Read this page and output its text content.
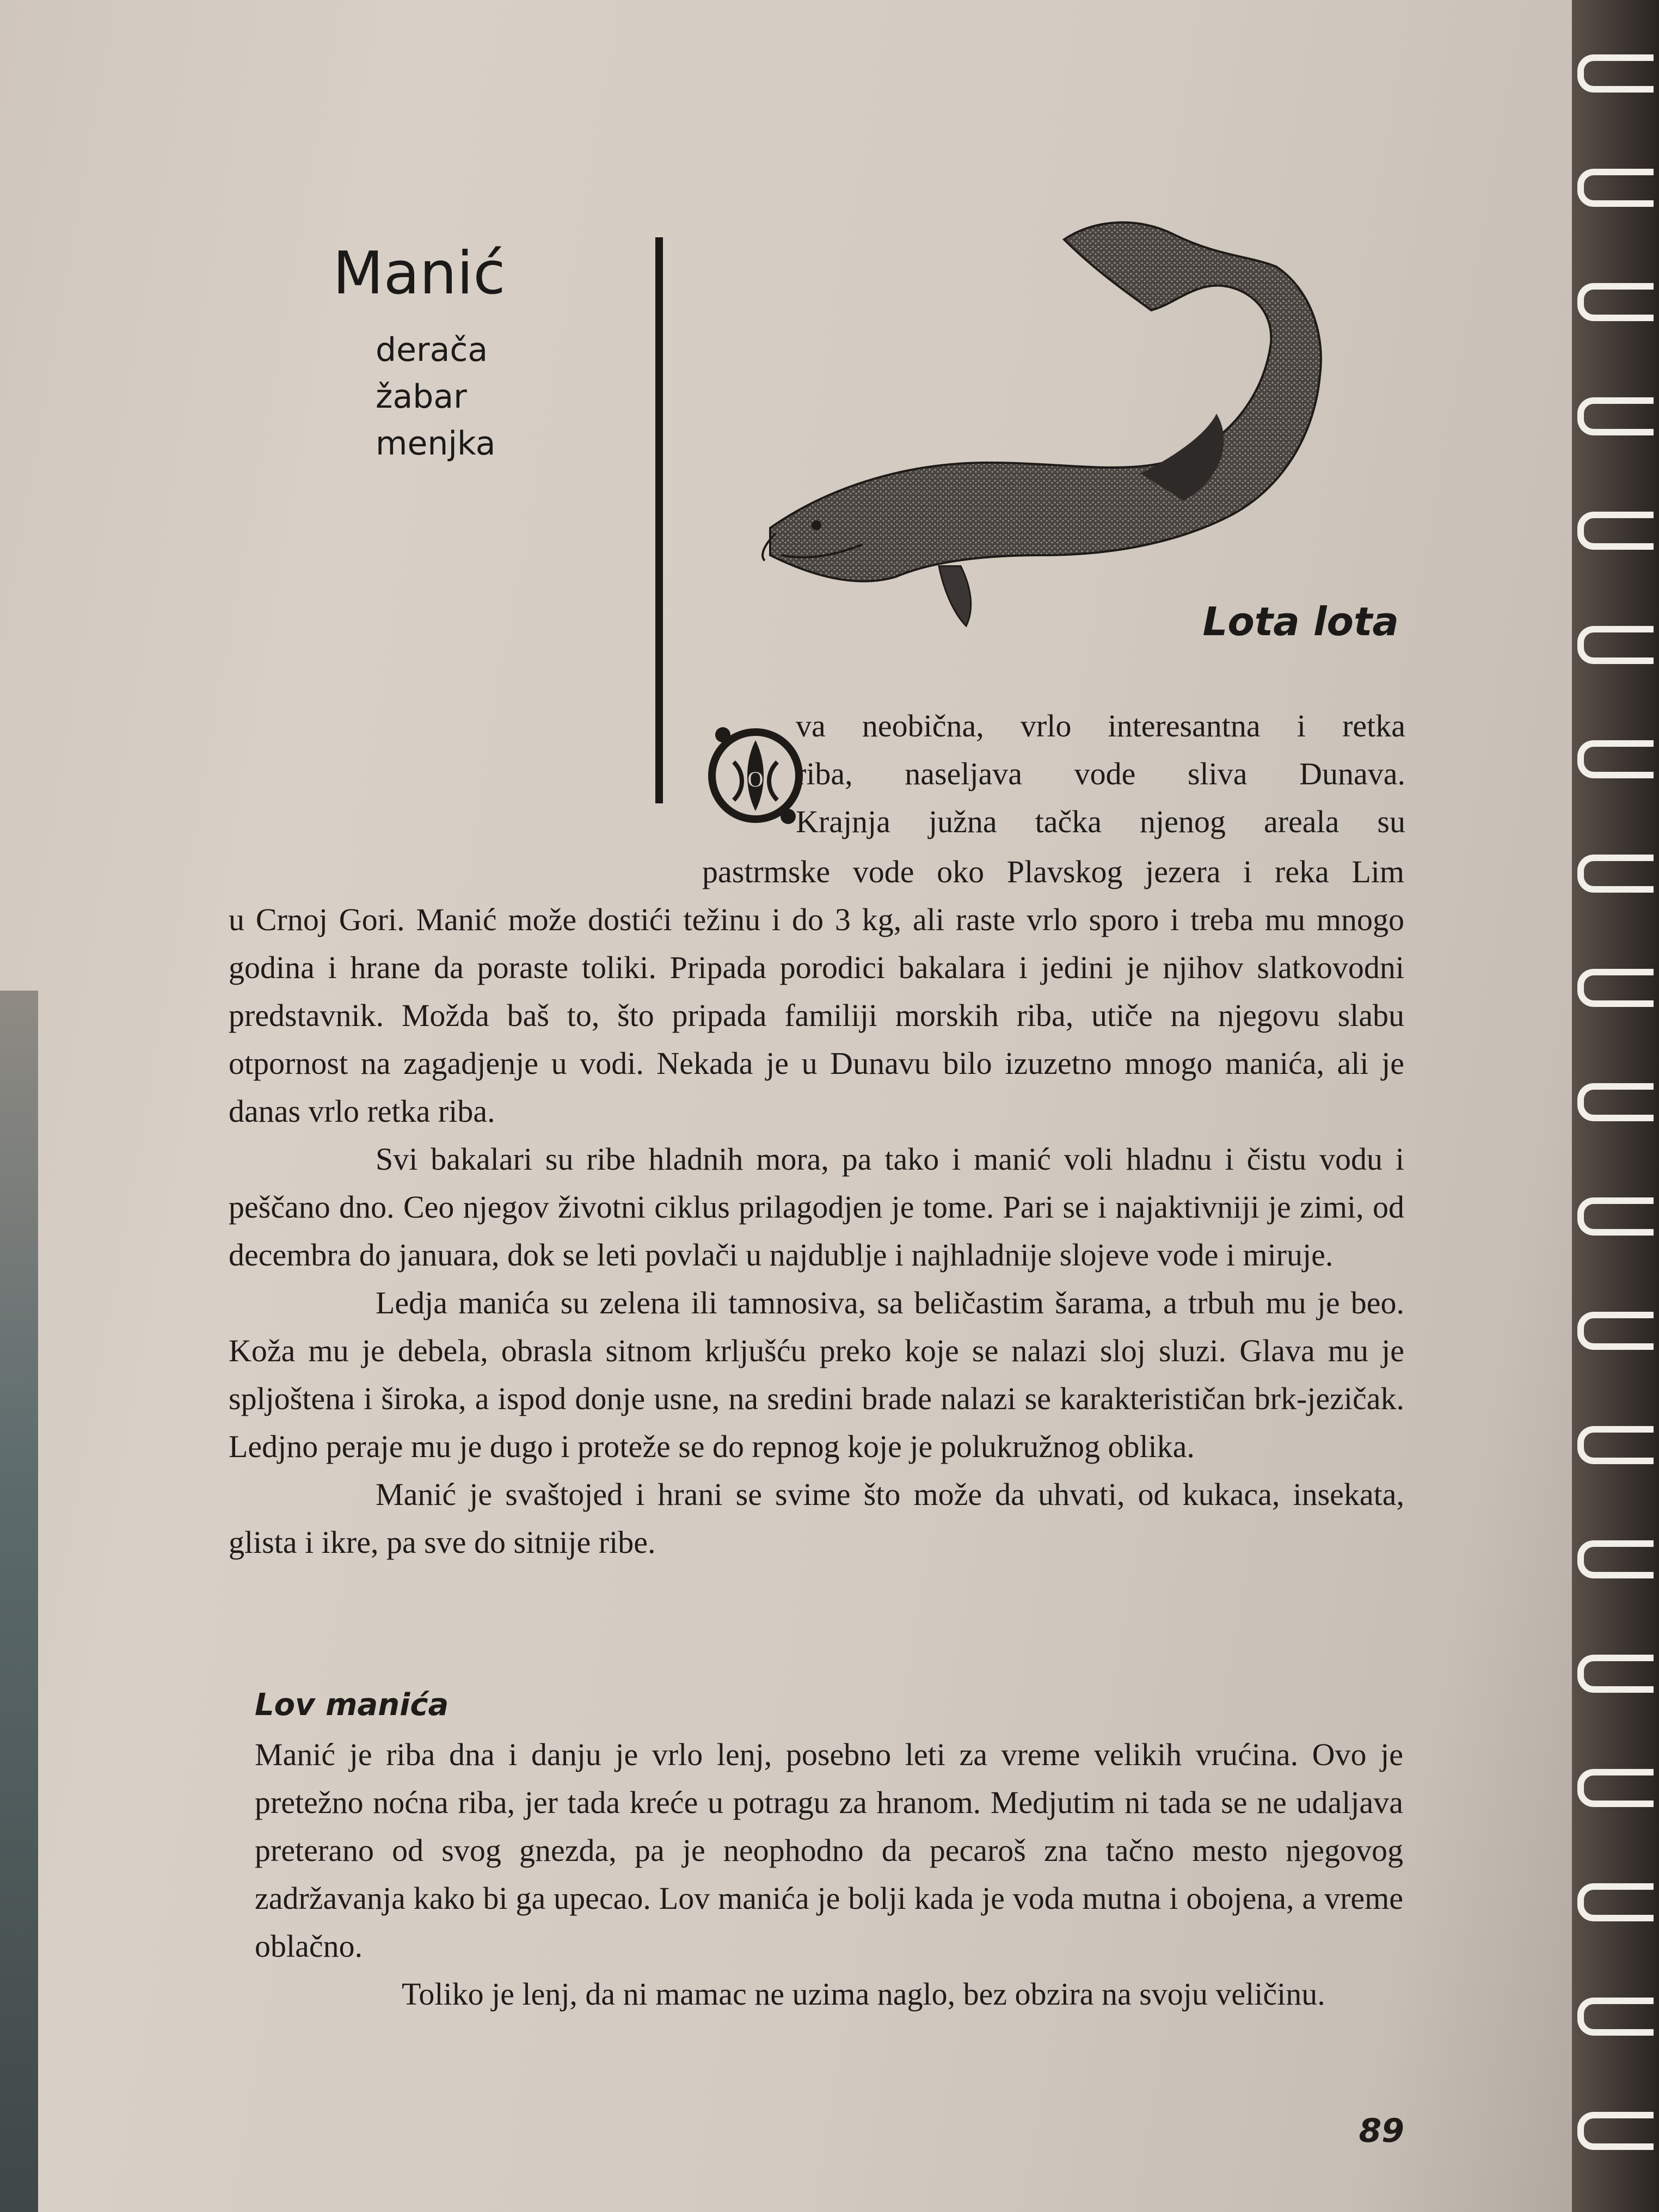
Manić
derača
žabar
menjka
Lota lota
O
va neobična, vrlo interesantna i retka
riba, naseljava vode sliva Dunava.
Krajnja južna tačka njenog areala su
pastrmske vode oko Plavskog jezera i reka Lim

u Crnoj Gori. Manić može dostići težinu i do 3 kg, ali raste vrlo sporo i treba mu mnogo godina i hrane da poraste toliki. Pripada porodici bakalara i jedini je njihov slatkovodni predstavnik. Možda baš to, što pripada familiji morskih riba, utiče na njegovu slabu otpornost na zagadjenje u vodi. Nekada je u Dunavu bilo izuzetno mnogo manića, ali je danas vrlo retka riba.

Svi bakalari su ribe hladnih mora, pa tako i manić voli hladnu i čistu vodu i peščano dno. Ceo njegov životni ciklus prilagodjen je tome. Pari se i najaktivniji je zimi, od decembra do januara, dok se leti povlači u najdublje i najhladnije slojeve vode i miruje.

Ledja manića su zelena ili tamnosiva, sa beličastim šarama, a trbuh mu je beo. Koža mu je debela, obrasla sitnom krljušću preko koje se nalazi sloj sluzi. Glava mu je spljoštena i široka, a ispod donje usne, na sredini brade nalazi se karakterističan brk-jezičak. Ledjno peraje mu je dugo i proteže se do repnog koje je polukružnog oblika.

Manić je svaštojed i hrani se svime što može da uhvati, od kukaca, insekata, glista i ikre, pa sve do sitnije ribe.

Lov manića

Manić je riba dna i danju je vrlo lenj, posebno leti za vreme velikih vrućina. Ovo je pretežno noćna riba, jer tada kreće u potragu za hranom. Medjutim ni tada se ne udaljava preterano od svog gnezda, pa je neophodno da pecaroš zna tačno mesto njegovog zadržavanja kako bi ga upecao. Lov manića je bolji kada je voda mutna i obojena, a vreme oblačno.

Toliko je lenj, da ni mamac ne uzima naglo, bez obzira na svoju veličinu.

89
